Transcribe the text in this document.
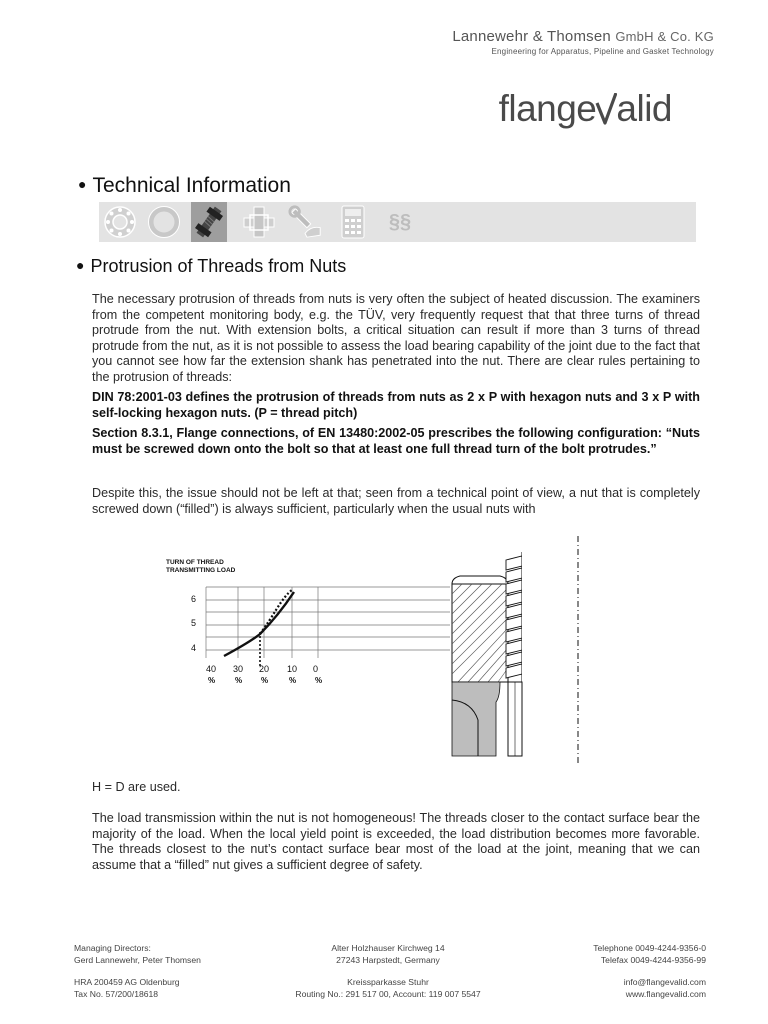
Lannewehr & Thomsen GmbH & Co. KG
Engineering for Apparatus, Pipeline and Gasket Technology
flange alid
● Technical Information
§§
● Protrusion of Threads from Nuts
The necessary protrusion of threads from nuts is very often the subject of heated discussion. The examiners from the competent monitoring body, e.g. the TÜV, very frequently request that that three turns of thread protrude from the nut. With extension bolts, a critical situation can result if more than 3 turns of thread protrude from the nut, as it is not possible to assess the load bearing capability of the joint due to the fact that you cannot see how far the extension shank has penetrated into the nut. There are clear rules pertaining to the protrusion of threads:
DIN 78:2001-03 defines the protrusion of threads from nuts as 2 x P with hexagon nuts and 3 x P with self-locking hexagon nuts. (P = thread pitch)
Section 8.3.1, Flange connections, of EN 13480:2002-05 prescribes the following configuration: “Nuts must be screwed down onto the bolt so that at least one full thread turn of the bolt protrudes.”
Despite this, the issue should not be left at that; seen from a technical point of view, a nut that is completely screwed down (“filled”) is always sufficient, particularly when the usual nuts with
TURN OF THREAD
TRANSMITTING LOAD
6
5
4
40 30 20 10 0
% % %	% %
H = D are used.
The load transmission within the nut is not homogeneous! The threads closer to the contact surface bear the majority of the load. When the local yield point is exceeded, the load distribution becomes more favorable. The threads closest to the nut’s contact surface bear most of the load at the joint, meaning that we can assume that a “filled” nut gives a sufficient degree of safety.
Managing Directors:
Gerd Lannewehr, Peter Thomsen
HRA 200459 AG Oldenburg
Tax No. 57/200/18618
Alter Holzhauser Kirchweg 14
27243 Harpstedt, Germany
Kreissparkasse Stuhr
Routing No.: 291 517 00, Account: 119 007 5547
Telephone 0049-4244-9356-0
Telefax 0049-4244-9356-99
info@flangevalid.com
www.flangevalid.com
